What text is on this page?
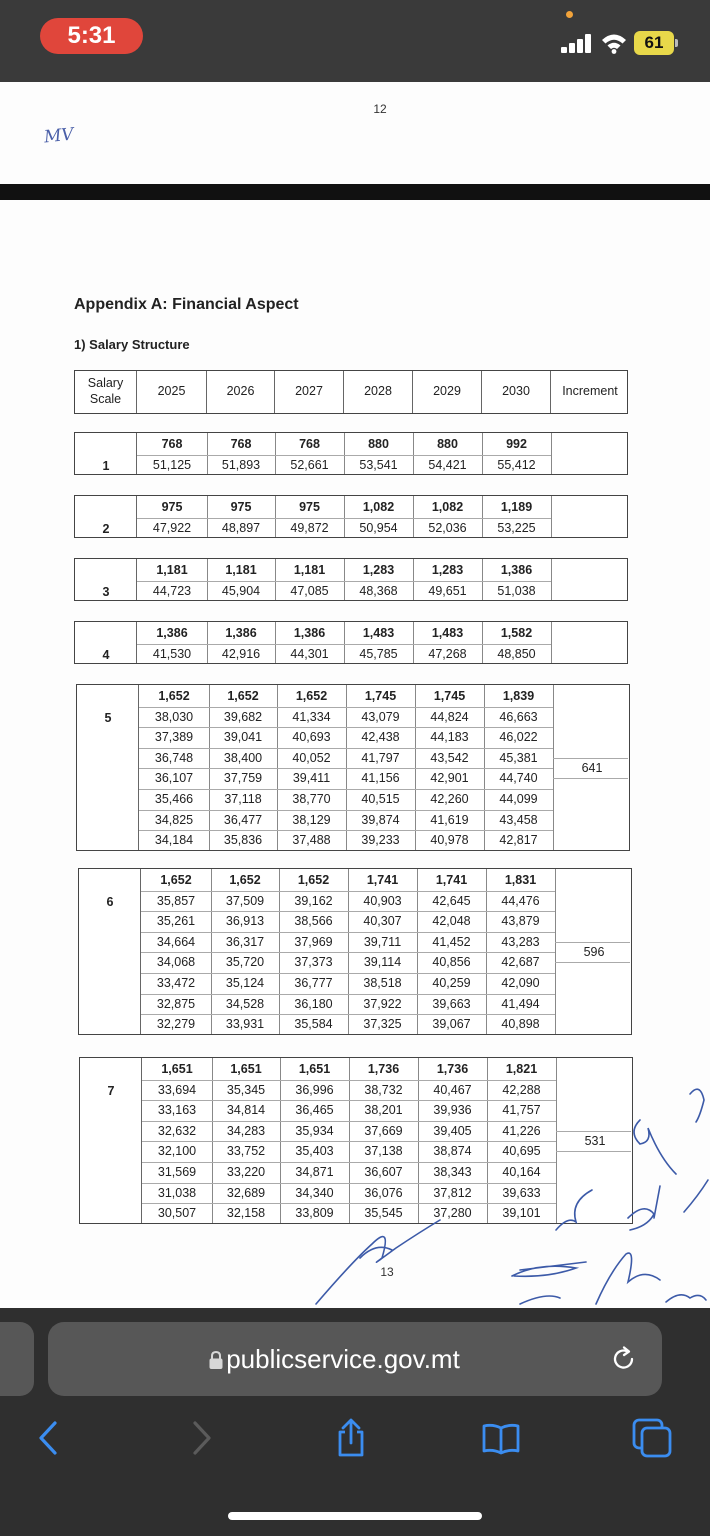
5:31	61
12
MV
Appendix A: Financial Aspect
1) Salary Structure
Salary Scale
2025	2026	2027	2028	2029	2030	Increment
1
768	768	768	880	880	992
51,125	51,893	52,661	53,541	54,421	55,412
2
975	975	975	1,082	1,082	1,189
47,922	48,897	49,872	50,954	52,036	53,225
3
1,181	1,181	1,181	1,283	1,283	1,386
44,723	45,904	47,085	48,368	49,651	51,038
4
1,386	1,386	1,386	1,483	1,483	1,582
41,530	42,916	44,301	45,785	47,268	48,850
5
1,652	1,652	1,652	1,745	1,745	1,839
38,030	39,682	41,334	43,079	44,824	46,663
37,389	39,041	40,693	42,438	44,183	46,022
36,748	38,400	40,052	41,797	43,542	45,381
36,107	37,759	39,411	41,156	42,901	44,740
35,466	37,118	38,770	40,515	42,260	44,099
34,825	36,477	38,129	39,874	41,619	43,458
34,184	35,836	37,488	39,233	40,978	42,817
641
6
1,652	1,652	1,652	1,741	1,741	1,831
35,857	37,509	39,162	40,903	42,645	44,476
35,261	36,913	38,566	40,307	42,048	43,879
34,664	36,317	37,969	39,711	41,452	43,283
34,068	35,720	37,373	39,114	40,856	42,687
33,472	35,124	36,777	38,518	40,259	42,090
32,875	34,528	36,180	37,922	39,663	41,494
32,279	33,931	35,584	37,325	39,067	40,898
596
7
1,651	1,651	1,651	1,736	1,736	1,821
33,694	35,345	36,996	38,732	40,467	42,288
33,163	34,814	36,465	38,201	39,936	41,757
32,632	34,283	35,934	37,669	39,405	41,226
32,100	33,752	35,403	37,138	38,874	40,695
31,569	33,220	34,871	36,607	38,343	40,164
31,038	32,689	34,340	36,076	37,812	39,633
30,507	32,158	33,809	35,545	37,280	39,101
531
13
publicservice.gov.mt
